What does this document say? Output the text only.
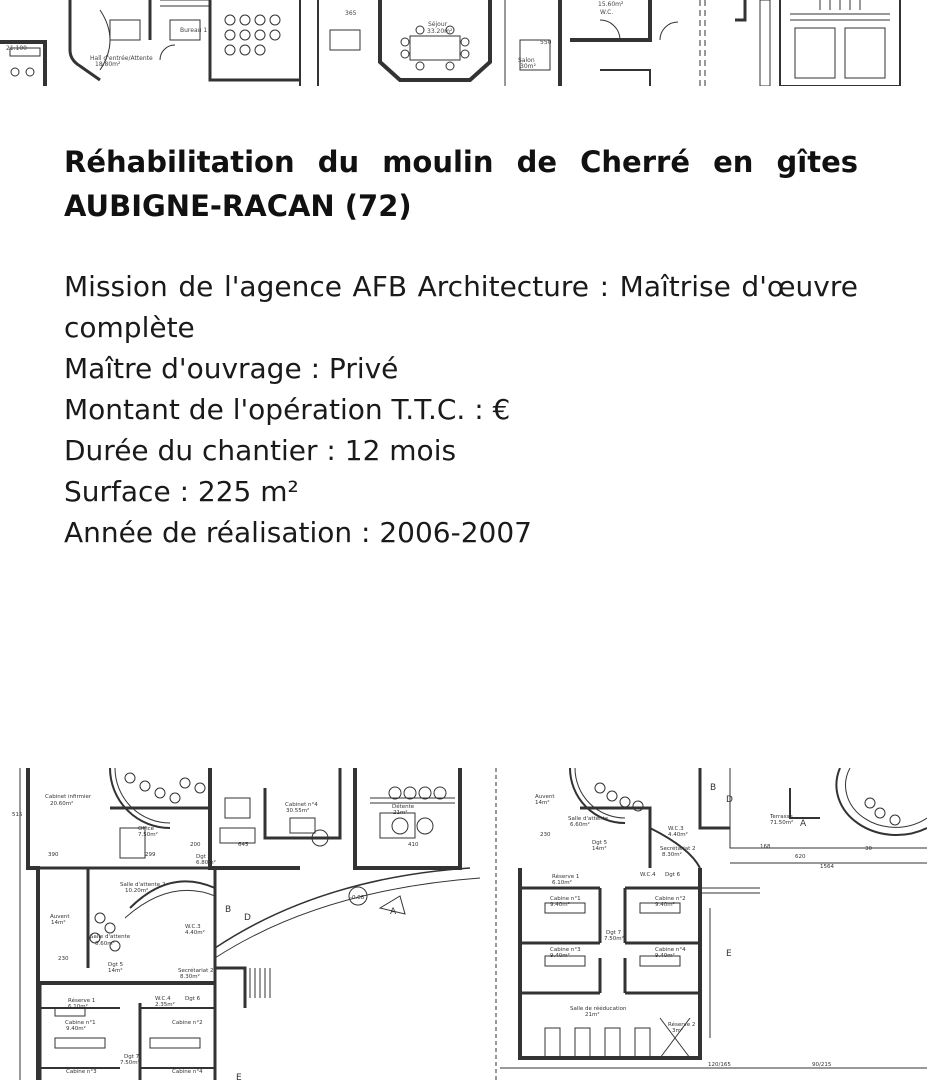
21.100
Hall d'entrée/Attente
18.80m²
Bureau 1
365
Séjour
33.20m²
Salon
30m²
15.60m²
W.C.
550
Réhabilitation du moulin de Cherré en gîtes
AUBIGNE-RACAN (72)
Mission de l'agence AFB Architecture : Maîtrise d'œuvre complète
Maître d'ouvrage : Privé
Montant de l'opération T.T.C. : €
Durée du chantier : 12 mois
Surface : 225 m²
Année de réalisation : 2006-2007
Cabinet infirmier
20.60m²
Office
7.50m²
Salle d'attente 2
10.20m²
Cabinet n°4
30.55m²
Détente
21m²
Dgt 3
6.80m²
Auvent
14m²
Salle d'attente
6.60m²
W.C.3
4.40m²
Secrétariat 2
8.30m²
Dgt 5
14m²
Réserve 1
6.10m²
W.C.4
2.35m²
Dgt 6
Cabine n°1
9.40m²
Cabine n°2
Dgt 7
7.50m²
Cabine n°3	Cabine n°4
390	299
200
515
230
645	410
-0.08
B
D
A
E
Auvent
14m²
Salle d'attente
6.60m²
W.C.3
4.40m²
Secrétariat 2
8.30m²
Dgt 5
14m²
Réserve 1
6.10m²
W.C.4 Dgt 6
Cabine n°1
9.40m²
Cabine n°2
9.40m²
Dgt 7
7.50m²
Cabine n°3
9.40m²
Cabine n°4
9.40m²
Salle de rééducation
21m²
Réserve 2
3m²
Terrasse
71.50m²
230
168
620
1564
30
120/165	90/215
B
D
A
E
